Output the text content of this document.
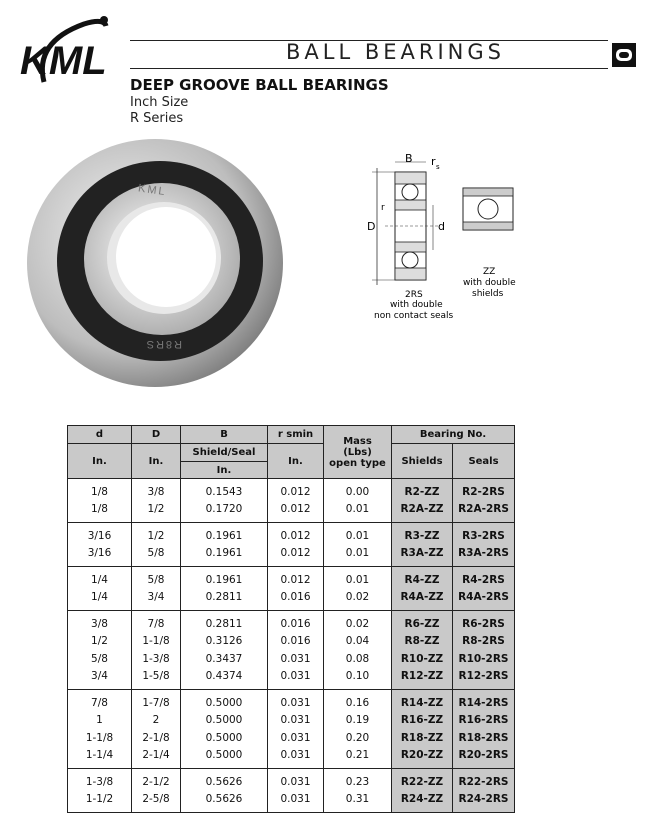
KML	BALL BEARINGS
DEEP GROOVE BALL BEARINGS
Inch Size
R Series
KML
R8RS
D
B r s
r
d
2RS
with double
non contact seals
ZZ
with double
shields
d	D	B	r smin	Mass
(Lbs)
open type	Bearing No.	
In.	In.	Shield/Seal	In.		Shields	Seals
		In.				
1/8	3/8	0.1543	0.012	0.00	R2-ZZ	R2-2RS
1/8	1/2	0.1720	0.012	0.01	R2A-ZZ	R2A-2RS
3/16	1/2	0.1961	0.012	0.01	R3-ZZ	R3-2RS
3/16	5/8	0.1961	0.012	0.01	R3A-ZZ	R3A-2RS
1/4	5/8	0.1961	0.012	0.01	R4-ZZ	R4-2RS
1/4	3/4	0.2811	0.016	0.02	R4A-ZZ	R4A-2RS
3/8	7/8	0.2811	0.016	0.02	R6-ZZ	R6-2RS
1/2	1-1/8	0.3126	0.016	0.04	R8-ZZ	R8-2RS
5/8	1-3/8	0.3437	0.031	0.08	R10-ZZ	R10-2RS
3/4	1-5/8	0.4374	0.031	0.10	R12-ZZ	R12-2RS
7/8	1-7/8	0.5000	0.031	0.16	R14-ZZ	R14-2RS
1	2	0.5000	0.031	0.19	R16-ZZ	R16-2RS
1-1/8	2-1/8	0.5000	0.031	0.20	R18-ZZ	R18-2RS
1-1/4	2-1/4	0.5000	0.031	0.21	R20-ZZ	R20-2RS
1-3/8	2-1/2	0.5626	0.031	0.23	R22-ZZ	R22-2RS
1-1/2	2-5/8	0.5626	0.031	0.31	R24-ZZ	R24-2RS
